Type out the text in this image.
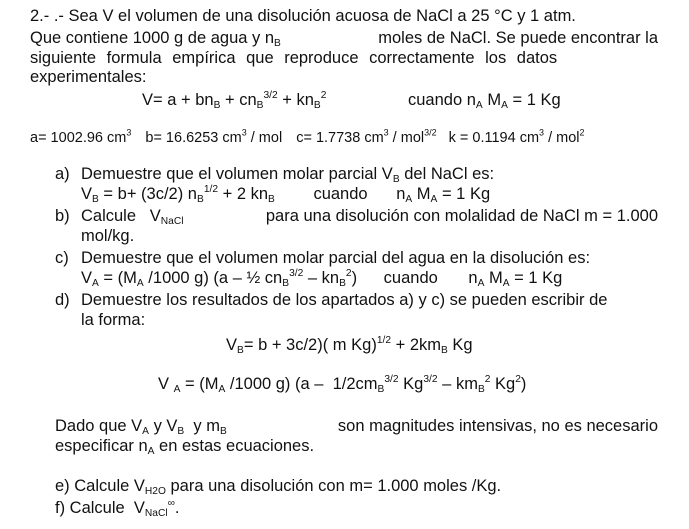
2.- .- Sea V el volumen de una disolución acuosa de NaCl a 25 °C y 1 atm.
Que contiene 1000 g de agua y $n_B$	moles de NaCl. Se puede encontrar la
siguiente formula empírica que reproduce correctamente los datos
experimentales:
$V= a + bn_B + cn_B^{3/2} + kn_B^2$	cuando $n_A$ $M_A = 1$ Kg
a= 1002.96 $cm^3$ b= 16.6253 $cm^3$ / mol c= 1.7738 $cm^3 / mol^{3/2}$ k = 0.1194 $cm^3 / mol^2$
a) Demuestre que el volumen molar parcial $V_B$ del NaCl es:
$V_B = b+ (3c/2) n_B^{1/2} + 2$ $kn_B$ cuando $n_A$ $M_A = 1$ Kg
b) Calcule   $V_{NaCl}$	para una disolución con molalidad de NaCl m = 1.000
mol/kg.
c) Demuestre que el volumen molar parcial del agua en la disolución es:
$V_A = (M_A$ /1000 g) (a – ½ $cn_B^{3/2} - kn_B^2$) cuando $n_A$ $M_A = 1$ Kg
d) Demuestre los resultados de los apartados a) y c) se pueden escribir de
la forma:
$V_B= b + 3c/2$)( m $Kg)^{1/2} + 2km_B$ Kg
V $_A = (M_A$ /1000 g) ($a - 1/2cm_B^{3/2}$ $Kg^{3/2} - km_B^2$ Kg$^2$)
Dado que $V_A$ y $V_B$  y $m_B$	son magnitudes intensivas, no es necesario
especificar $n_A$ en estas ecuaciones.
e) Calcule $V_{H2O}$ para una disolución con m= 1.000 moles /Kg.
f) Calcule  $V_{NaCl}^\infty$.
